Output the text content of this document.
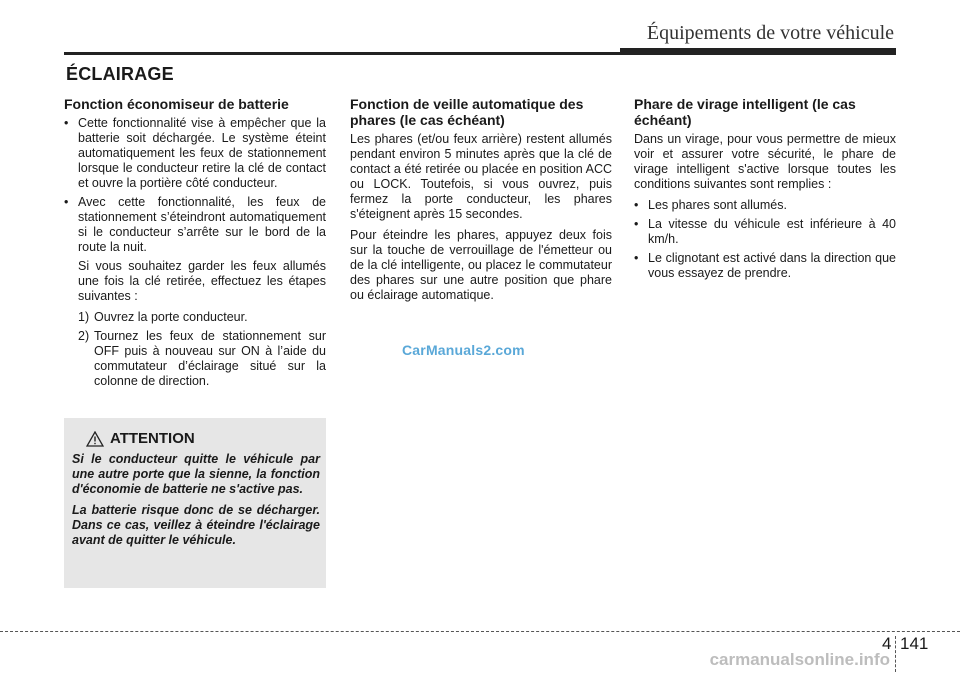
Équipements de votre véhicule
ÉCLAIRAGE
Fonction économiseur de batterie
• Cette fonctionnalité vise à empêcher que la batterie soit déchargée. Le système éteint automatiquement les feux de stationnement lorsque le conducteur retire la clé de contact et ouvre la portière côté conducteur.
• Avec cette fonctionnalité, les feux de stationnement s’éteindront automatiquement si le conducteur s’arrête sur le bord de la route la nuit.

Si vous souhaitez garder les feux allumés une fois la clé retirée, effectuez les étapes suivantes :

1) Ouvrez la porte conducteur.
2) Tournez les feux de stationnement sur OFF puis à nouveau sur ON à l’aide du commutateur d’éclairage situé sur la colonne de direction.
Fonction de veille automatique des phares (le cas échéant)

Les phares (et/ou feux arrière) restent allumés pendant environ 5 minutes après que la clé de contact a été retirée ou placée en position ACC ou LOCK. Toutefois, si vous ouvrez, puis fermez la porte conducteur, les phares s'éteignent après 15 secondes.

Pour éteindre les phares, appuyez deux fois sur la touche de verrouillage de l'émetteur ou de la clé intelligente, ou placez le commutateur des phares sur une autre position que phare ou éclairage automatique.

Phare de virage intelligent (le cas échéant)

Dans un virage, pour vous permettre de mieux voir et assurer votre sécurité, le phare de virage intelligent s'active lorsque toutes les conditions suivantes sont remplies :

• Les phares sont allumés.
• La vitesse du véhicule est inférieure à 40 km/h.
• Le clignotant est activé dans la direction que vous essayez de prendre.
CarManuals2.com
ATTENTION

Si le conducteur quitte le véhicule par une autre porte que la sienne, la fonction d'économie de batterie ne s'active pas.

La batterie risque donc de se décharger. Dans ce cas, veillez à éteindre l'éclairage avant de quitter le véhicule.

4 141
carmanualsonline.info
